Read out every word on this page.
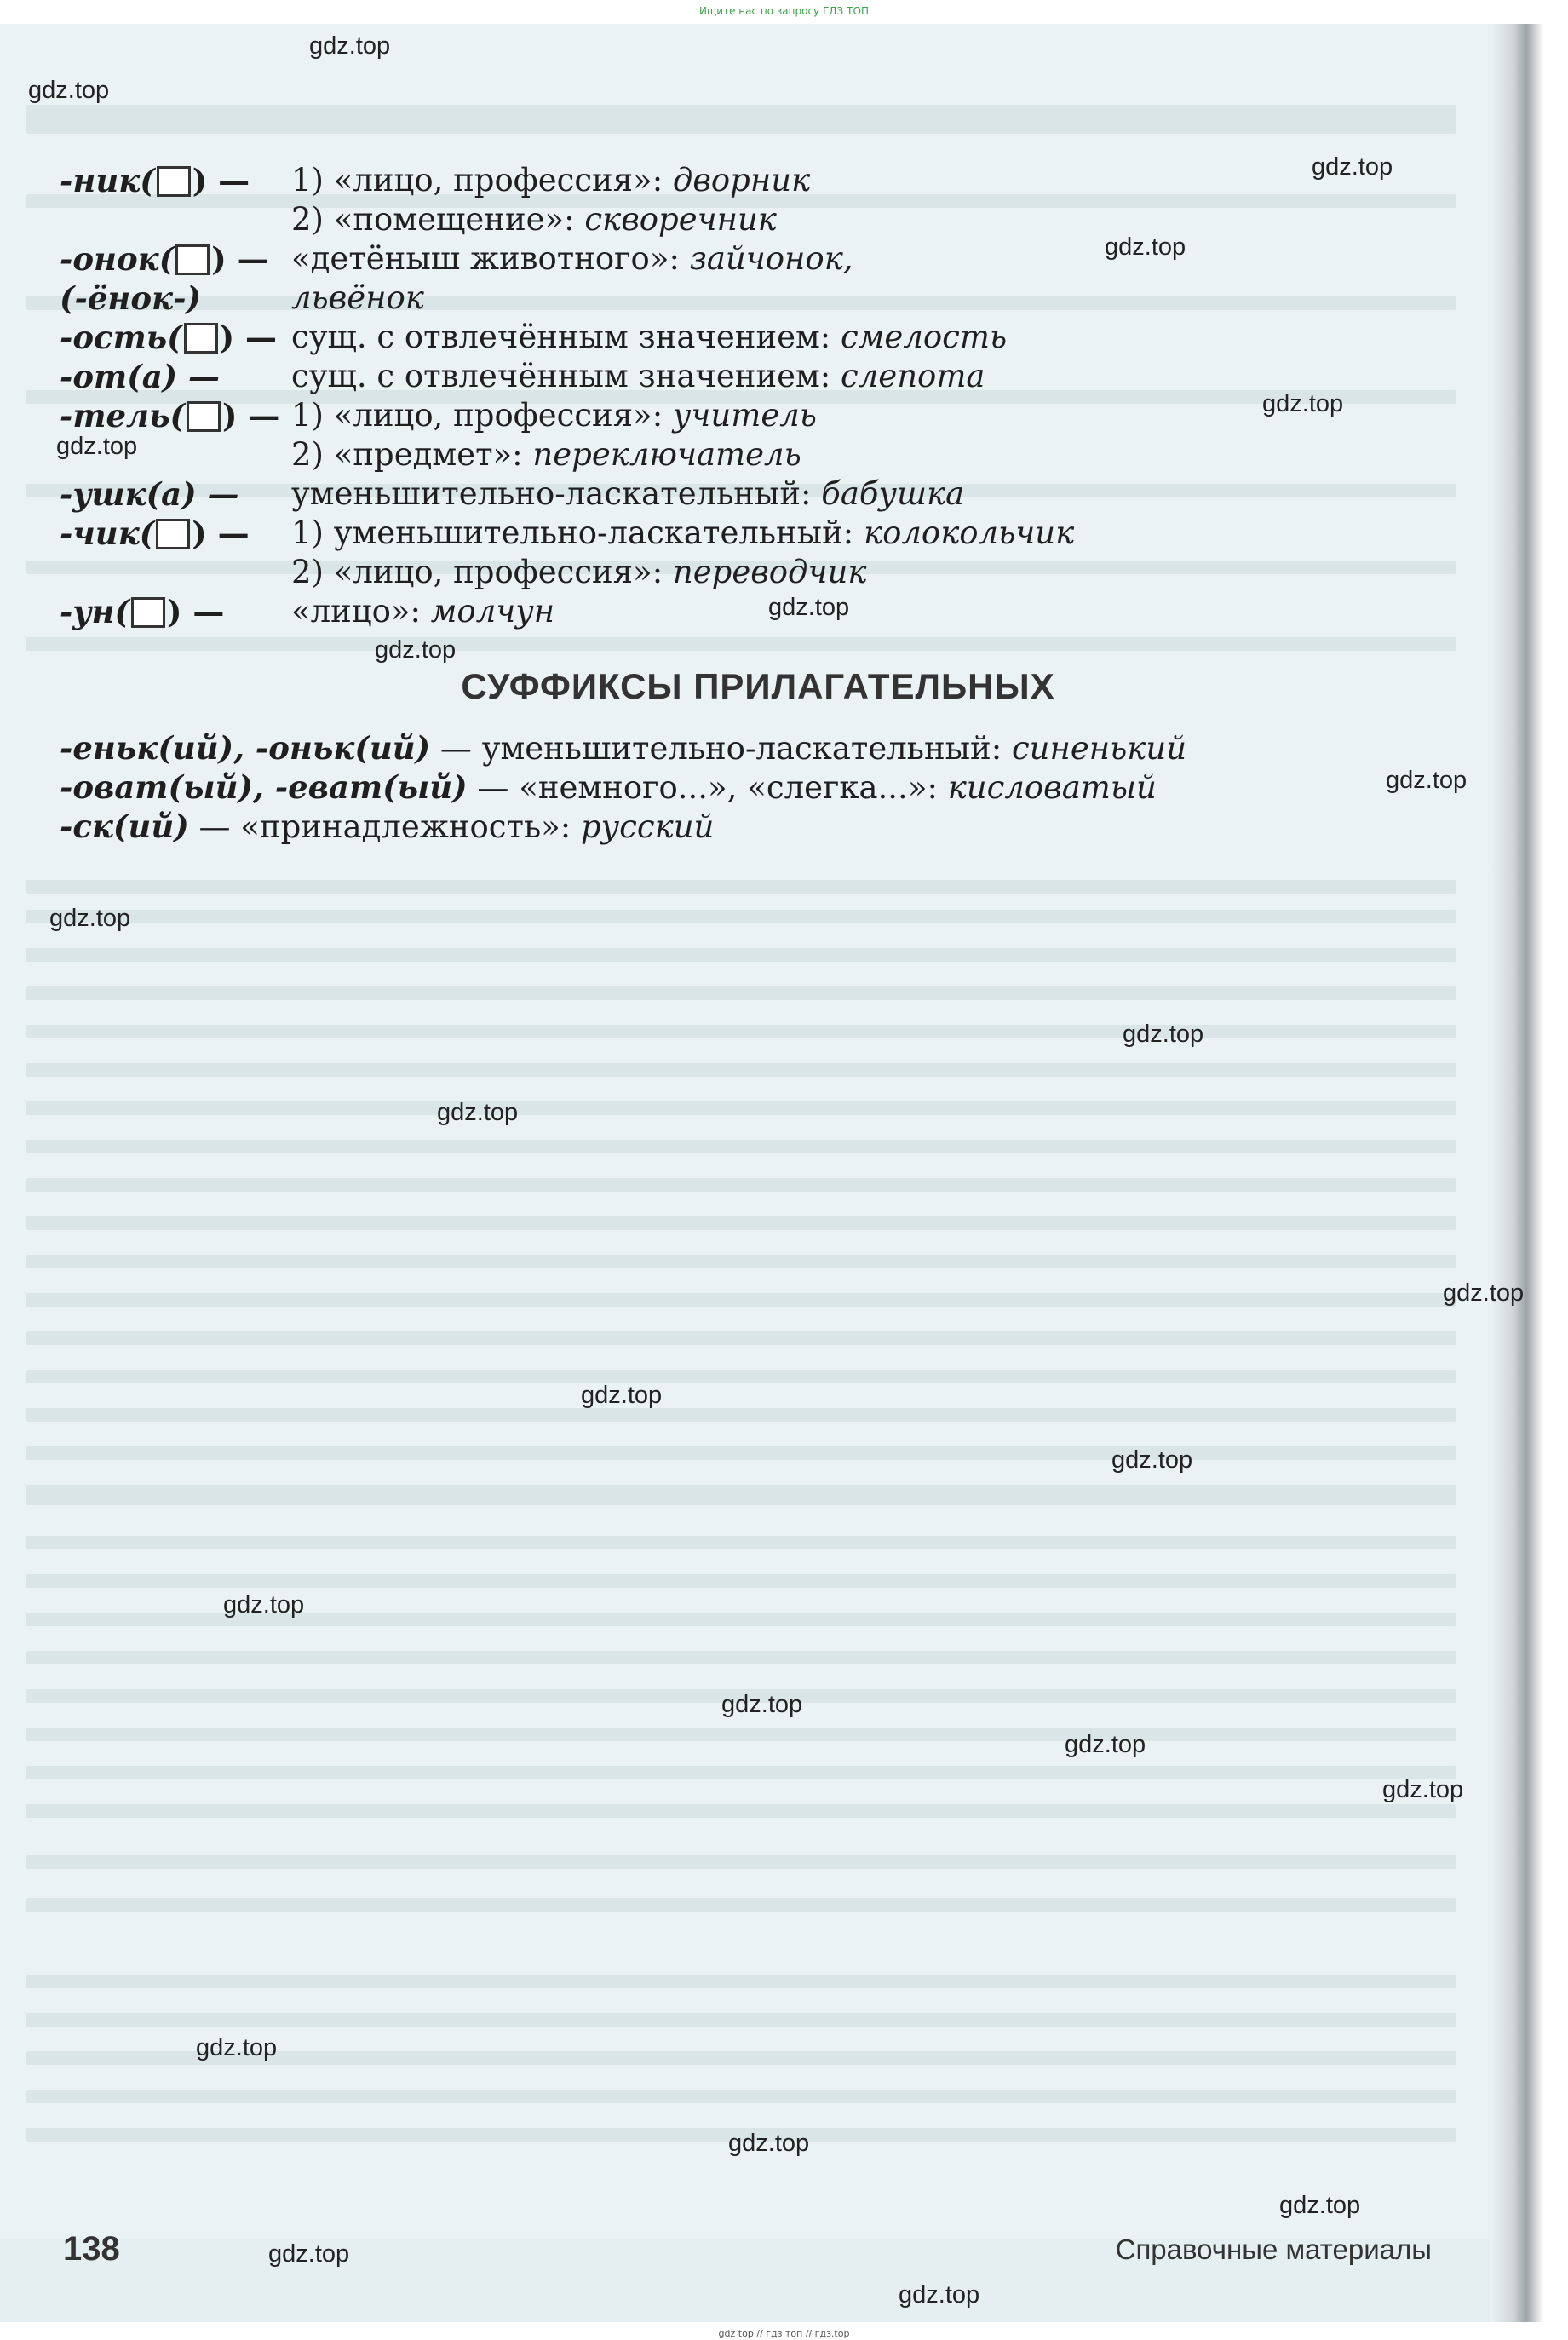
Ищите нас по запросу ГДЗ ТОП
-ник( ) — 1) «лицо, профессия»: дворник
2) «помещение»: скворечник
-онок( ) — «детёныш животного»: зайчонок,
(-ёнок-)	львёнок
-ость( ) — сущ. с отвлечённым значением: смелость
-от(а) — сущ. с отвлечённым значением: слепота
-тель( ) — 1) «лицо, профессия»: учитель
2) «предмет»: переключатель
-ушк(а) — уменьшительно-ласкательный: бабушка
-чик( ) — 1) уменьшительно-ласкательный: колокольчик
2) «лицо, профессия»: переводчик
-ун( ) — «лицо»: молчун
СУФФИКСЫ ПРИЛАГАТЕЛЬНЫХ
-еньк(ий), -оньк(ий) — уменьшительно-ласкательный: синенький
-оват(ый), -еват(ый) — «немного...», «слегка...»: кисловатый
-ск(ий) — «принадлежность»: русский
138	Справочные материалы
gdz.top
gdz.top
gdz.top
gdz.top
gdz.top
gdz.top
gdz.top
gdz.top
gdz.top
gdz.top
gdz.top
gdz.top
gdz.top
gdz.top
gdz.top
gdz.top
gdz.top
gdz.top
gdz.top
gdz.top
gdz.top
gdz.top
gdz.top
gdz.top
gdz top // гдз топ // гдз.top
